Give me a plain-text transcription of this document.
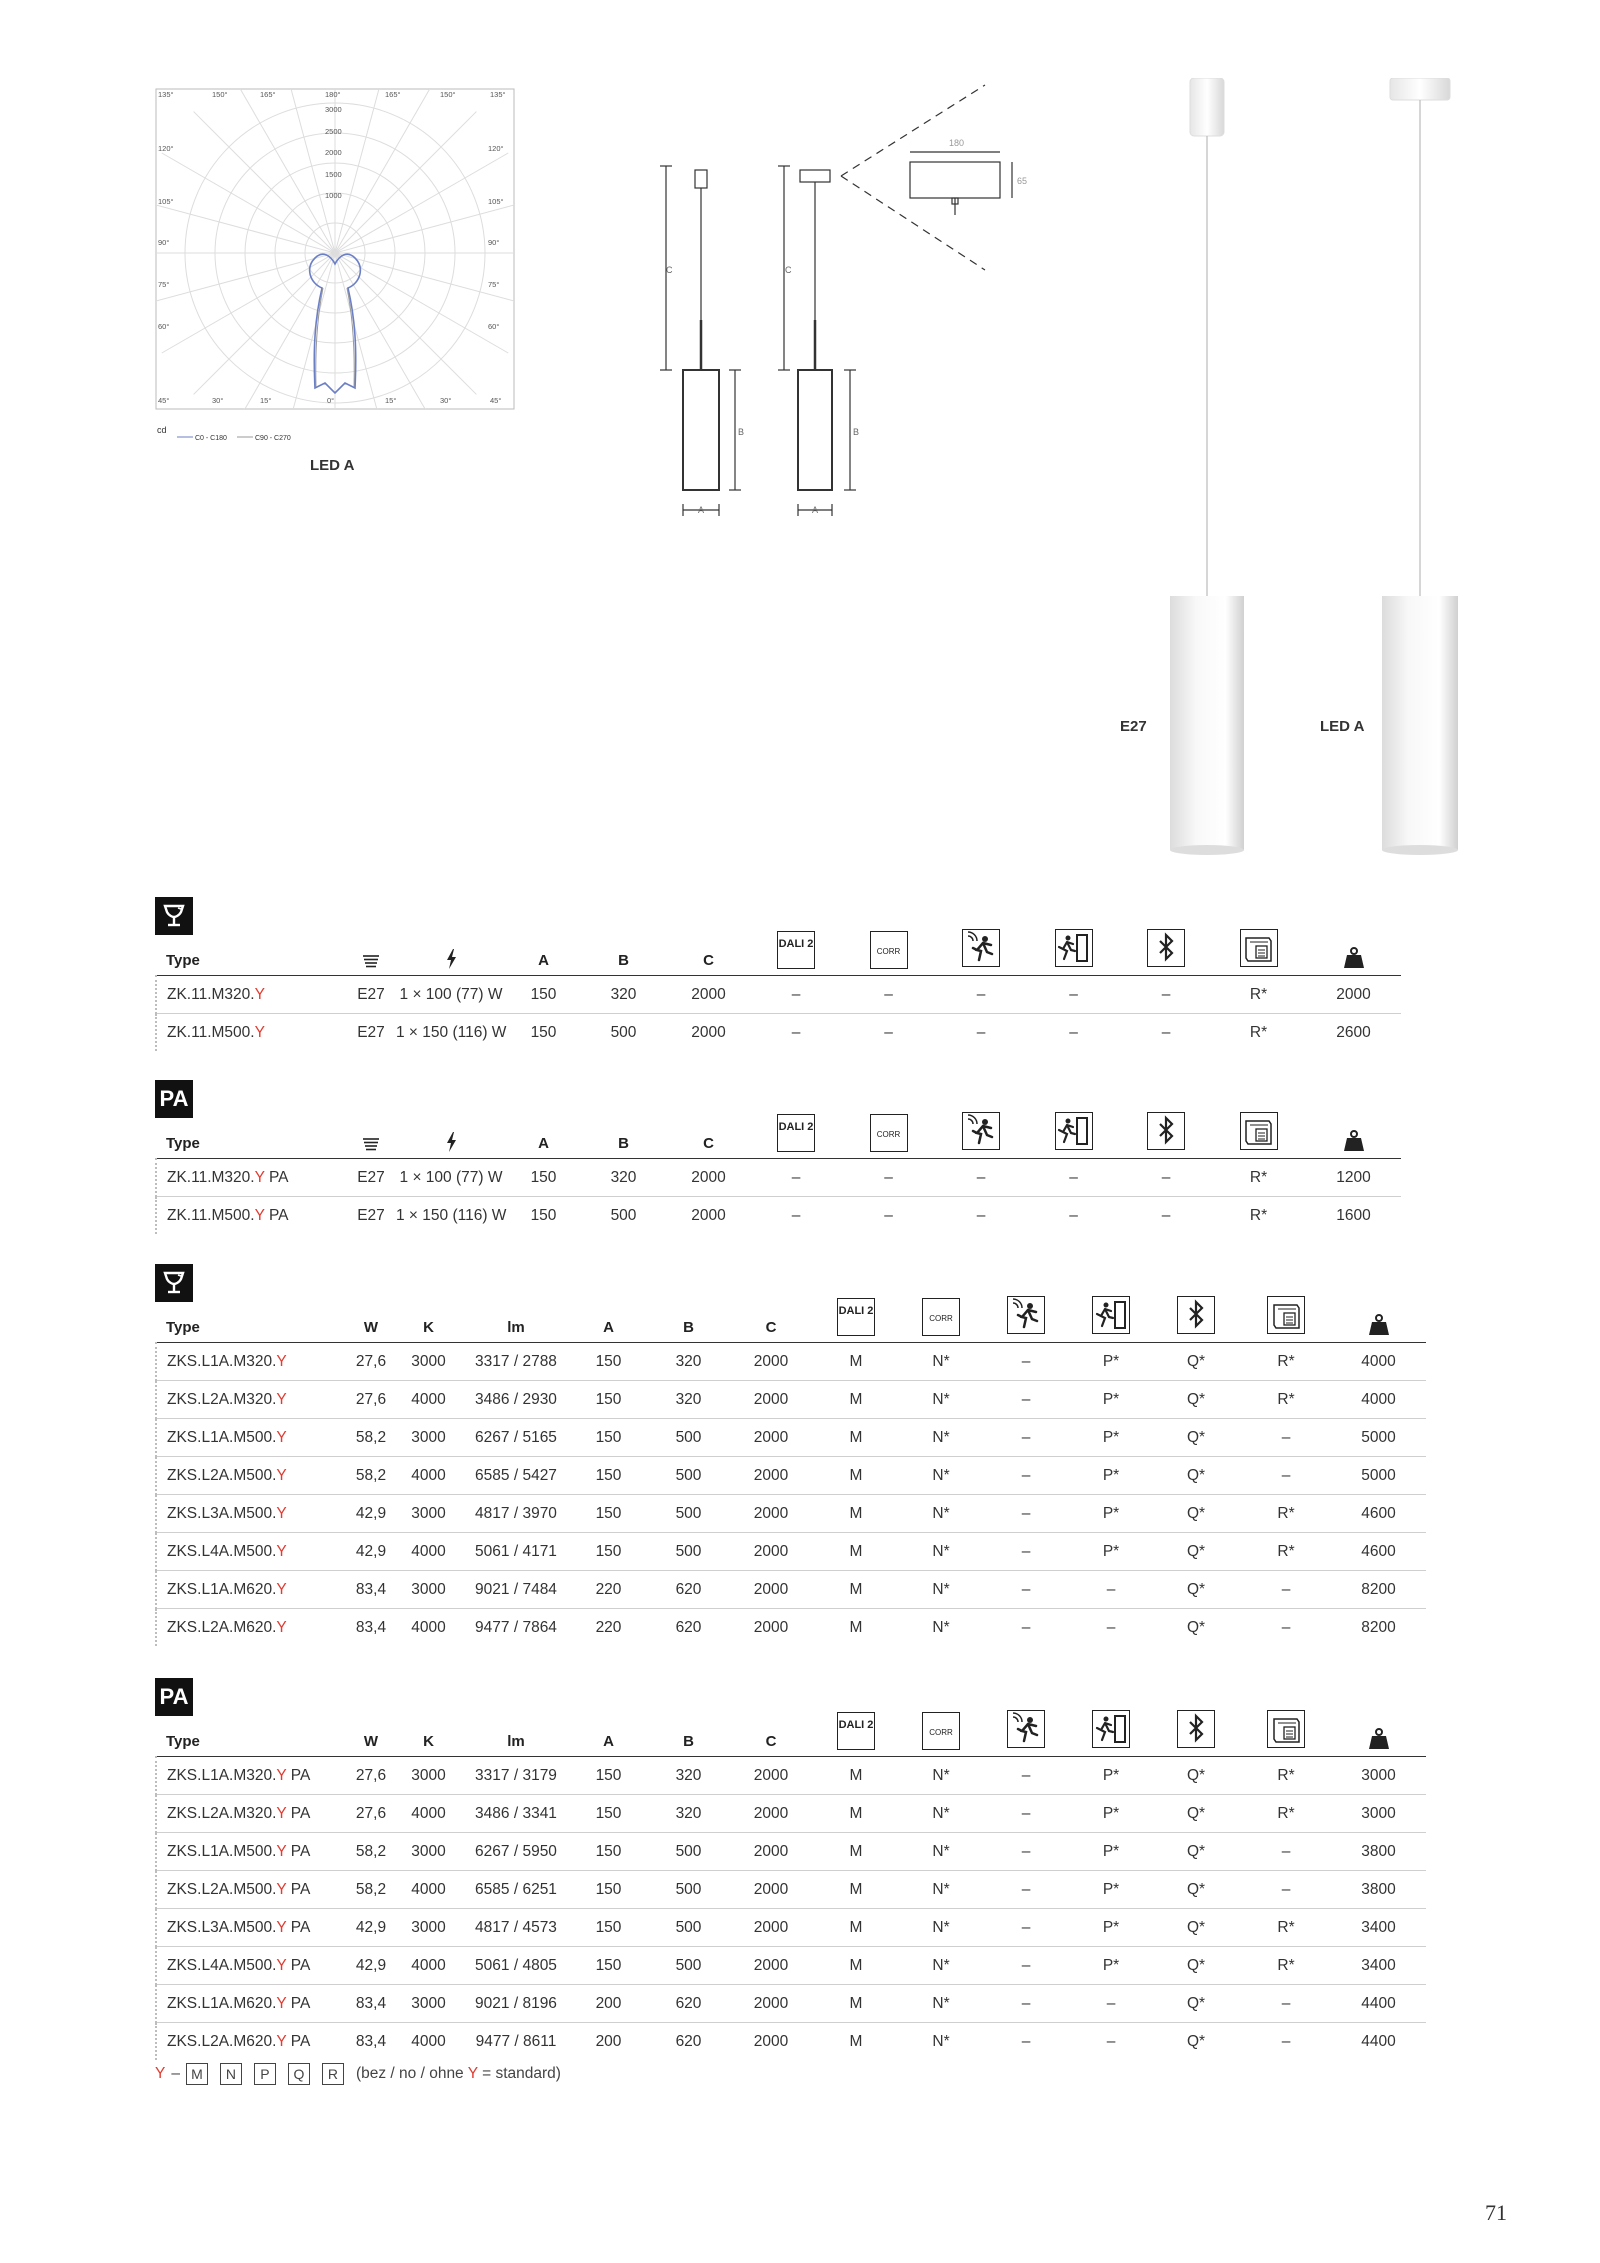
135°	150°	165°	180°	165°	150°	135°
45°	30°	15°	0°	15°	30°	45°
120°
105°
90°
75°
60°
120°
105°
90°
75°
60°
3000
2500
2000
1500
1000
cd
C0 - C180	C90 - C270
LED A
C
B
A
C
B
A
180
65
E27	LED A
Type			A	B	C	DALI 2	CORR					
ZK.11.M320.Y	E27	1 × 100 (77) W	150	320	2000	–	–	–	–	–	R*	2000
ZK.11.M500.Y	E27	1 × 150 (116) W	150	500	2000	–	–	–	–	–	R*	2600
PA
Type			A	B	C	DALI 2	CORR					
ZK.11.M320.Y PA	E27	1 × 100 (77) W	150	320	2000	–	–	–	–	–	R*	1200
ZK.11.M500.Y PA	E27	1 × 150 (116) W	150	500	2000	–	–	–	–	–	R*	1600
Type	W	K	lm	A	B	C	DALI 2	CORR					
ZKS.L1A.M320.Y	27,6	3000	3317 / 2788	150	320	2000	M	N*	–	P*	Q*	R*	4000
ZKS.L2A.M320.Y	27,6	4000	3486 / 2930	150	320	2000	M	N*	–	P*	Q*	R*	4000
ZKS.L1A.M500.Y	58,2	3000	6267 / 5165	150	500	2000	M	N*	–	P*	Q*	–	5000
ZKS.L2A.M500.Y	58,2	4000	6585 / 5427	150	500	2000	M	N*	–	P*	Q*	–	5000
ZKS.L3A.M500.Y	42,9	3000	4817 / 3970	150	500	2000	M	N*	–	P*	Q*	R*	4600
ZKS.L4A.M500.Y	42,9	4000	5061 / 4171	150	500	2000	M	N*	–	P*	Q*	R*	4600
ZKS.L1A.M620.Y	83,4	3000	9021 / 7484	220	620	2000	M	N*	–	–	Q*	–	8200
ZKS.L2A.M620.Y	83,4	4000	9477 / 7864	220	620	2000	M	N*	–	–	Q*	–	8200
PA
Type	W	K	lm	A	B	C	DALI 2	CORR					
ZKS.L1A.M320.Y PA	27,6	3000	3317 / 3179	150	320	2000	M	N*	–	P*	Q*	R*	3000
ZKS.L2A.M320.Y PA	27,6	4000	3486 / 3341	150	320	2000	M	N*	–	P*	Q*	R*	3000
ZKS.L1A.M500.Y PA	58,2	3000	6267 / 5950	150	500	2000	M	N*	–	P*	Q*	–	3800
ZKS.L2A.M500.Y PA	58,2	4000	6585 / 6251	150	500	2000	M	N*	–	P*	Q*	–	3800
ZKS.L3A.M500.Y PA	42,9	3000	4817 / 4573	150	500	2000	M	N*	–	P*	Q*	R*	3400
ZKS.L4A.M500.Y PA	42,9	4000	5061 / 4805	150	500	2000	M	N*	–	P*	Q*	R*	3400
ZKS.L1A.M620.Y PA	83,4	3000	9021 / 8196	200	620	2000	M	N*	–	–	Q*	–	4400
ZKS.L2A.M620.Y PA	83,4	4000	9477 / 8611	200	620	2000	M	N*	–	–	Q*	–	4400
Y – M	N	P	Q	R	(bez / no / ohne Y = standard)
71
